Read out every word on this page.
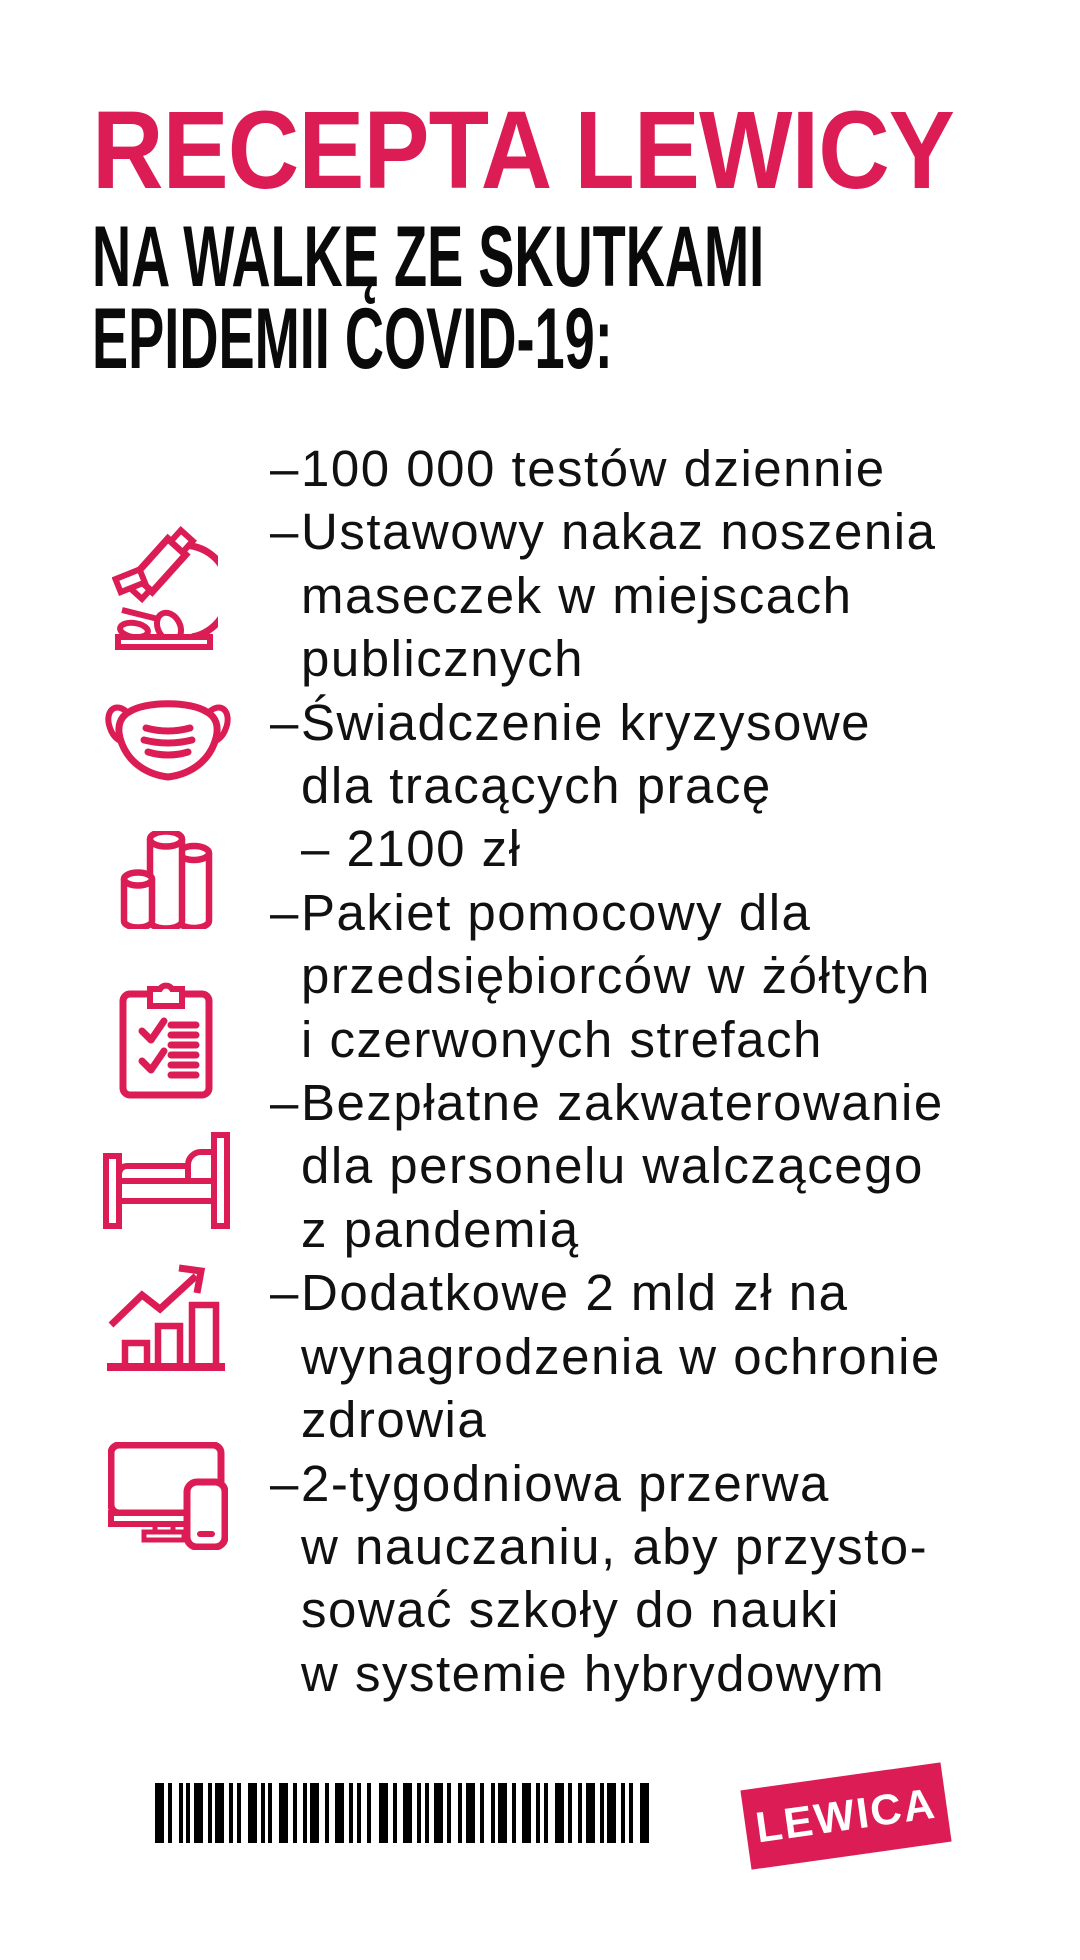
RECEPTA LEWICY
NA WALKĘ ZE SKUTKAMI
EPIDEMII COVID-19:
– 100 000 testów dziennie
– Ustawowy nakaz noszenia
maseczek w miejscach
publicznych
– Świadczenie kryzysowe
dla tracących pracę
– 2100 zł
– Pakiet pomocowy dla
przedsiębiorców w żółtych
i czerwonych strefach
– Bezpłatne zakwaterowanie
dla personelu walczącego
z pandemią
– Dodatkowe 2 mld zł na
wynagrodzenia w ochronie
zdrowia
– 2-tygodniowa przerwa
w nauczaniu, aby przysto-
sować szkoły do nauki
w systemie hybrydowym
LEWICA
